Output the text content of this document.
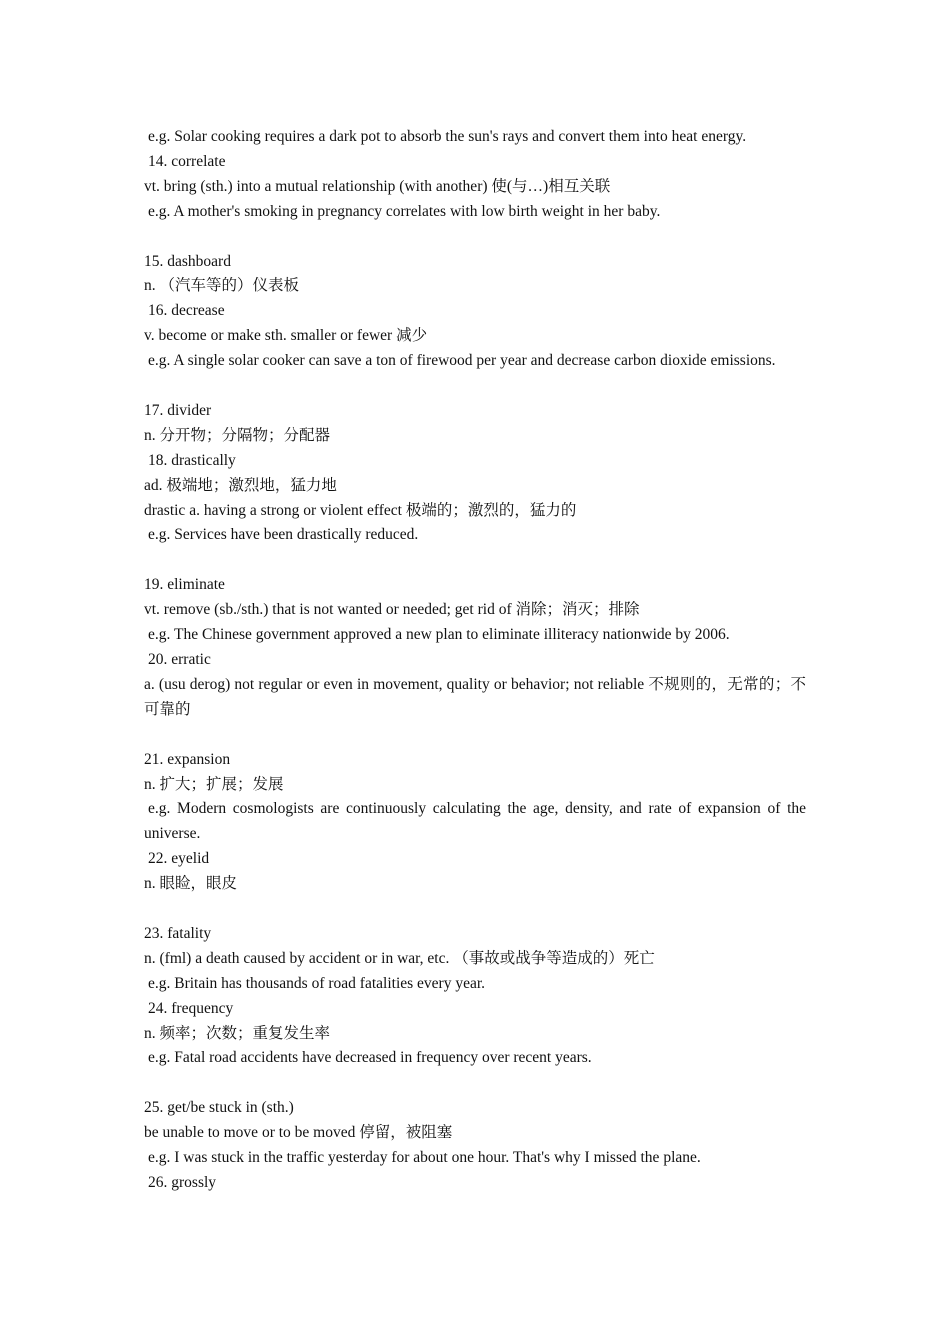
e.g. Solar cooking requires a dark pot to absorb the sun's rays and convert them into heat energy.
14. correlate
vt. bring (sth.) into a mutual relationship (with another) 使(与…)相互关联
e.g. A mother's smoking in pregnancy correlates with low birth weight in her baby.
15. dashboard
n. （汽车等的）仪表板
16. decrease
v. become or make sth. smaller or fewer 减少
e.g. A single solar cooker can save a ton of firewood per year and decrease carbon dioxide emissions.
17. divider
n. 分开物；分隔物；分配器
18. drastically
ad. 极端地；激烈地，猛力地
drastic a. having a strong or violent effect 极端的；激烈的，猛力的
e.g. Services have been drastically reduced.
19. eliminate
vt. remove (sb./sth.) that is not wanted or needed; get rid of 消除；消灭；排除
e.g. The Chinese government approved a new plan to eliminate illiteracy nationwide by 2006.
20. erratic
a. (usu derog) not regular or even in movement, quality or behavior; not reliable 不规则的，无常的；不可靠的
21. expansion
n. 扩大；扩展；发展
e.g. Modern cosmologists are continuously calculating the age, density, and rate of expansion of the universe.
22. eyelid
n. 眼睑，眼皮
23. fatality
n. (fml) a death caused by accident or in war, etc. （事故或战争等造成的）死亡
e.g. Britain has thousands of road fatalities every year.
24. frequency
n. 频率；次数；重复发生率
e.g. Fatal road accidents have decreased in frequency over recent years.
25. get/be stuck in (sth.)
be unable to move or to be moved 停留，被阻塞
e.g. I was stuck in the traffic yesterday for about one hour. That's why I missed the plane.
26. grossly
